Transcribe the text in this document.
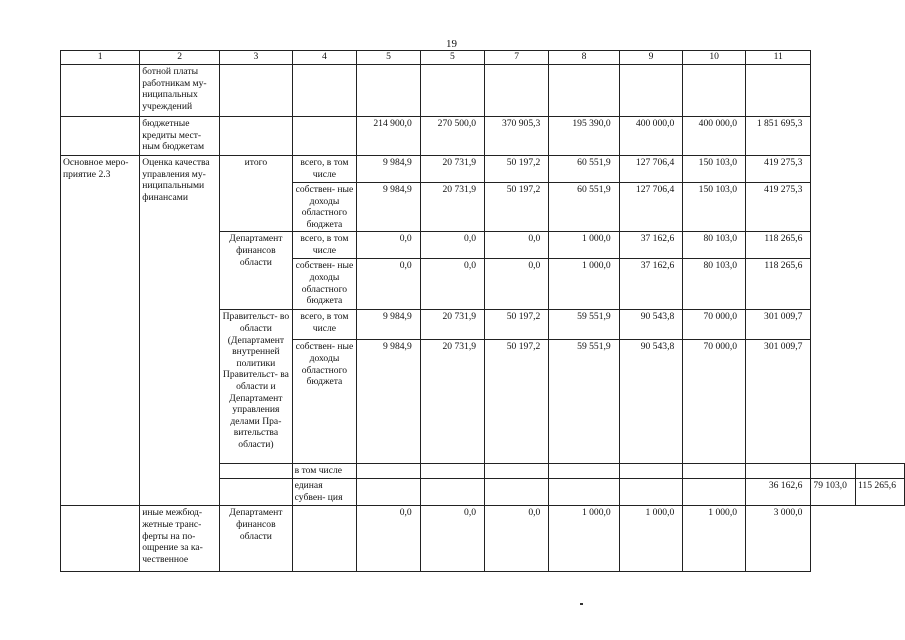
19
1	2	3	4	5	5	7	8	9	10	11		
	ботной платы работникам му- ниципальных учреждений											
	бюджетные кредиты мест- ным бюджетам			214 900,0	270 500,0	370 905,3	195 390,0	400 000,0	400 000,0	1 851 695,3		
Основное меро- приятие 2.3	Оценка качества управления му- ниципальными финансами	итого	всего, в том числе	9 984,9	20 731,9	50 197,2	60 551,9	127 706,4	150 103,0	419 275,3		
			собствен- ные доходы областного бюджета	9 984,9	20 731,9	50 197,2	60 551,9	127 706,4	150 103,0	419 275,3		
		Департамент финансов области	всего, в том числе	0,0	0,0	0,0	1 000,0	37 162,6	80 103,0	118 265,6		
			собствен- ные доходы областного бюджета	0,0	0,0	0,0	1 000,0	37 162,6	80 103,0	118 265,6		
		Правительст- во области (Департамент внутренней политики Правительст- ва области и Департамент управления делами Пра- вительства области)	всего, в том числе	9 984,9	20 731,9	50 197,2	59 551,9	90 543,8	70 000,0	301 009,7		
			собствен- ные доходы областного бюджета	9 984,9	20 731,9	50 197,2	59 551,9	90 543,8	70 000,0	301 009,7		
			в том числе									
			единая субвен- ция							36 162,6	79 103,0	115 265,6
	иные межбюд- жетные транс- ферты на по- ощрение за ка- чественное	Департамент финансов области		0,0	0,0	0,0	1 000,0	1 000,0	1 000,0	3 000,0		
